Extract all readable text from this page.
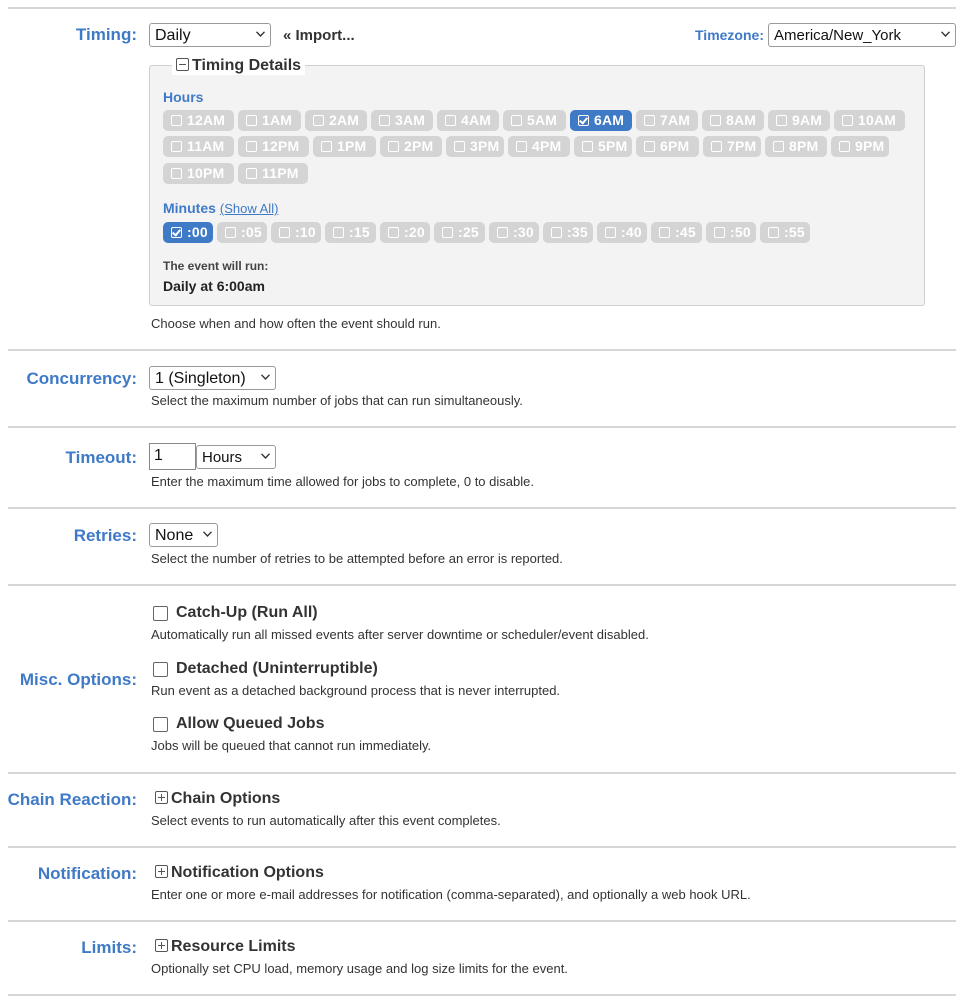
Timing:	Daily	« Import...	Timezone: America/New_York
Timing Details
Hours
12AM	1AM	2AM	3AM	4AM	5AM	6AM	7AM	8AM	9AM	10AM
11AM	12PM	1PM	2PM	3PM	4PM	5PM	6PM	7PM	8PM	9PM
10PM	11PM
Minutes (Show All)
:00	:05	:10	:15	:20	:25	:30	:35	:40	:45	:50	:55
The event will run:
Daily at 6:00am
Choose when and how often the event should run.
Concurrency:	1 (Singleton)
Select the maximum number of jobs that can run simultaneously.
Timeout:	1	Hours
Enter the maximum time allowed for jobs to complete, 0 to disable.
Retries:	None
Select the number of retries to be attempted before an error is reported.
Misc. Options:
Catch-Up (Run All)
Automatically run all missed events after server downtime or scheduler/event disabled.
Detached (Uninterruptible)
Run event as a detached background process that is never interrupted.
Allow Queued Jobs
Jobs will be queued that cannot run immediately.
Chain Reaction:	Chain Options
Select events to run automatically after this event completes.
Notification:	Notification Options
Enter one or more e-mail addresses for notification (comma-separated), and optionally a web hook URL.
Limits:	Resource Limits
Optionally set CPU load, memory usage and log size limits for the event.
